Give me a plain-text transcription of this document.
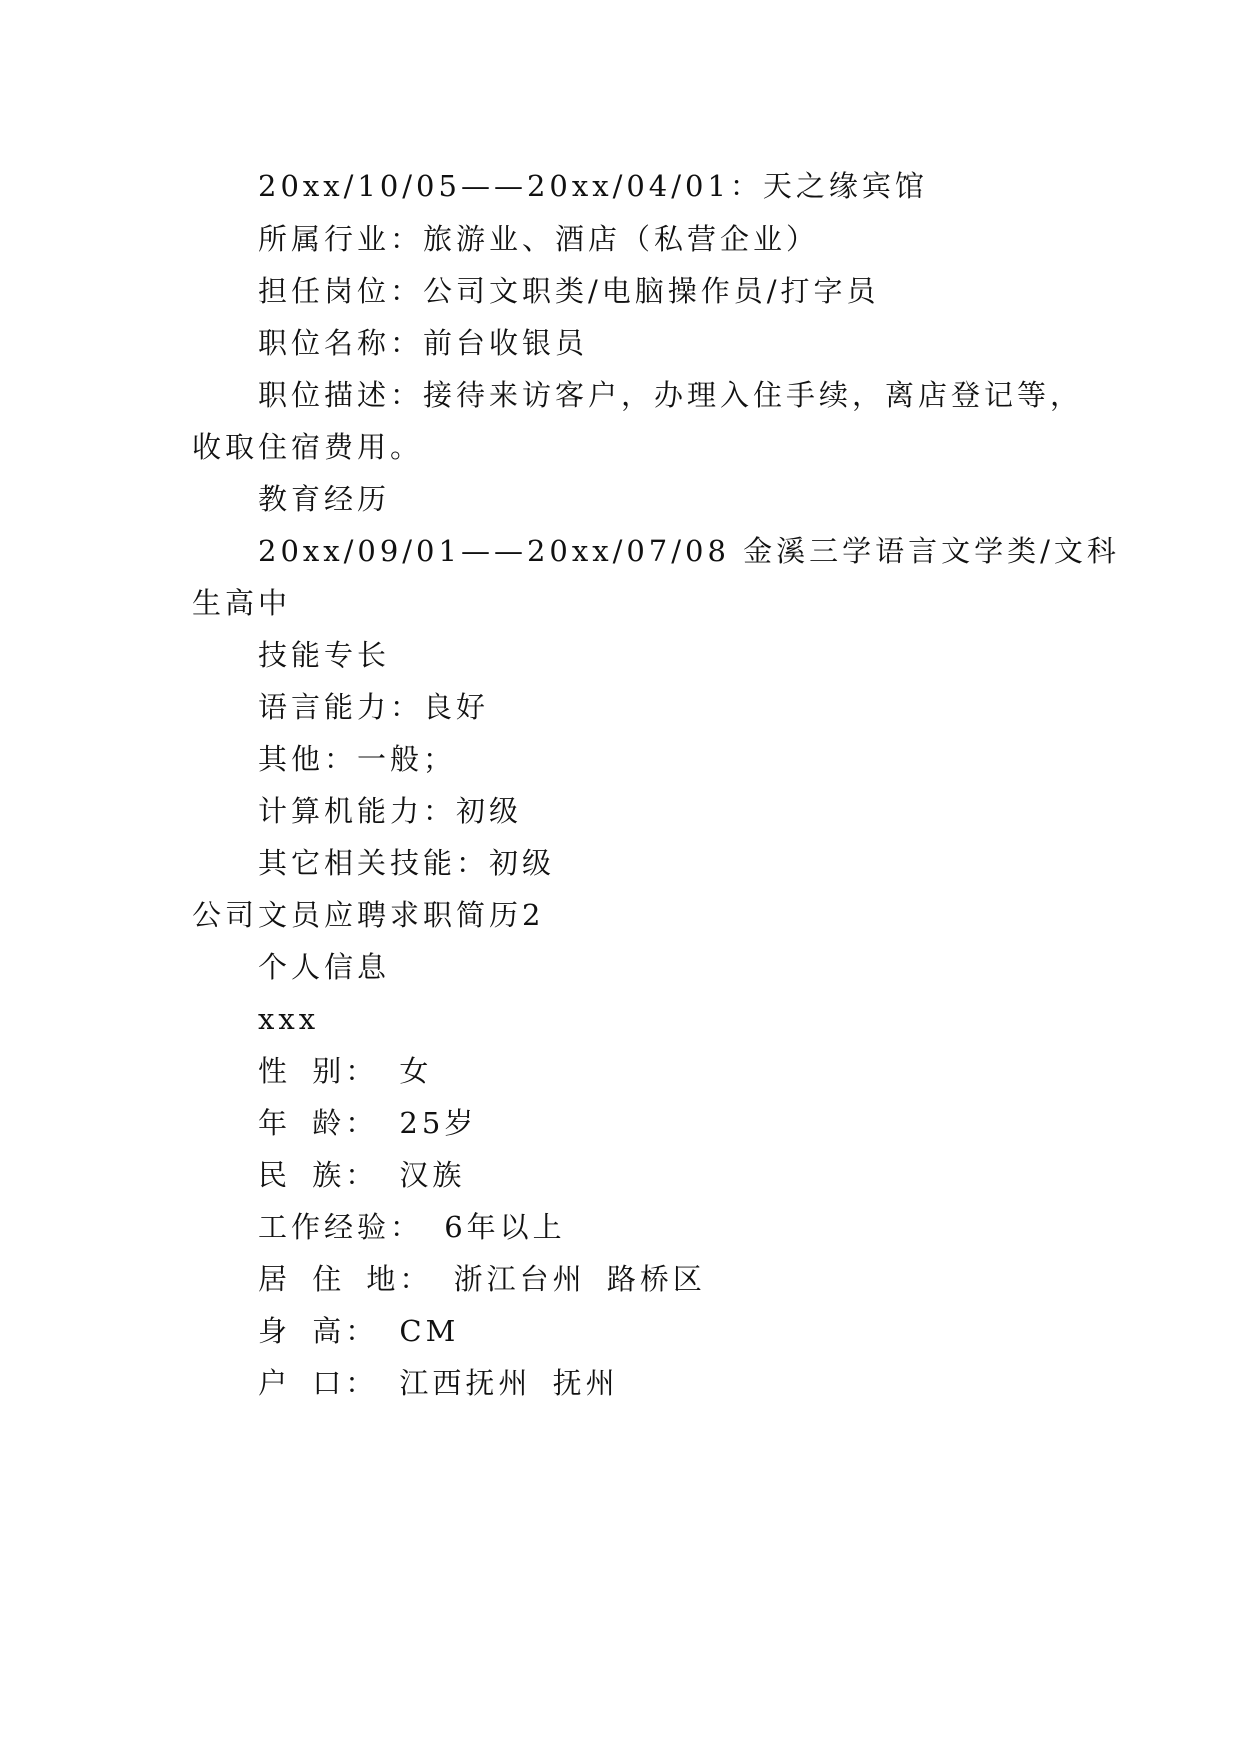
20xx/10/05——20xx/04/01：天之缘宾馆
所属行业：旅游业、酒店（私营企业）
担任岗位：公司文职类/电脑操作员/打字员
职位名称：前台收银员
职位描述：接待来访客户，办理入住手续，离店登记等，
收取住宿费用。
教育经历
20xx/09/01——20xx/07/08 金溪三学语言文学类/文科
生高中
技能专长
语言能力：良好
其他：一般；
计算机能力：初级
其它相关技能：初级
公司文员应聘求职简历2
个人信息
xxx
性 别： 女
年 龄： 25岁
民 族： 汉族
工作经验： 6年以上
居 住 地： 浙江台州 路桥区
身 高： CM
户 口： 江西抚州 抚州
